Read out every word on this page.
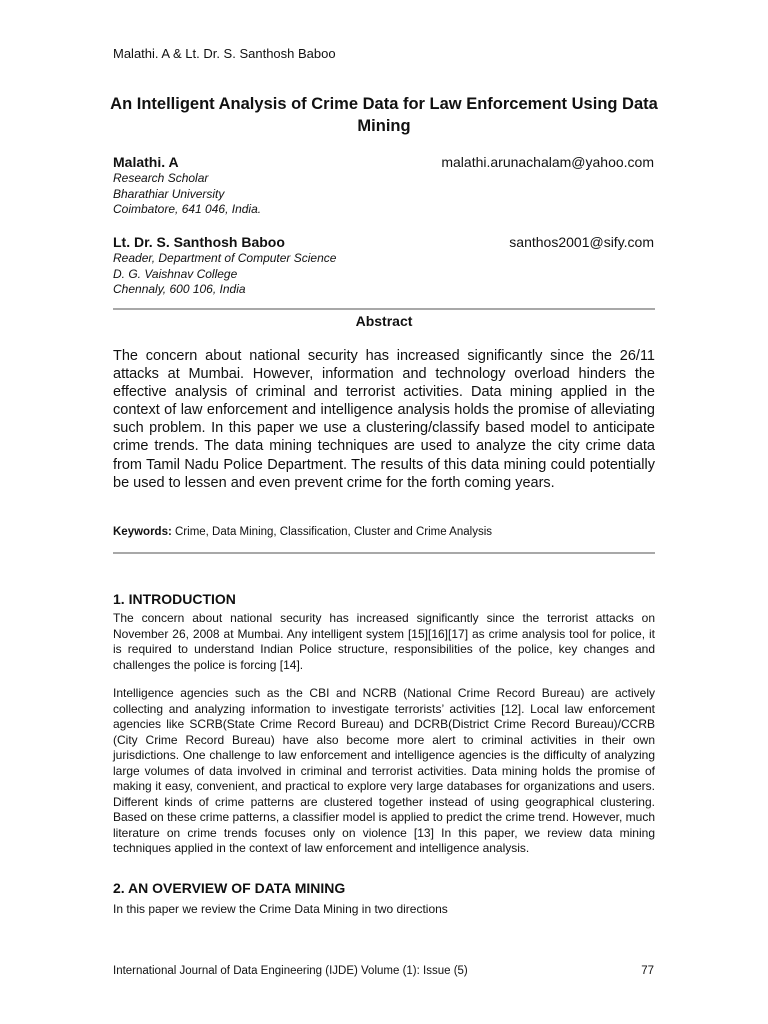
Malathi. A & Lt. Dr. S. Santhosh Baboo
An Intelligent Analysis of Crime Data for Law Enforcement Using Data Mining
Malathi. A	malathi.arunachalam@yahoo.com
Research Scholar
Bharathiar University
Coimbatore, 641 046, India.
Lt. Dr. S. Santhosh Baboo	santhos2001@sify.com
Reader, Department of Computer Science
D. G. Vaishnav College
Chennaly, 600 106, India
Abstract
The concern about national security has increased significantly since the 26/11 attacks at Mumbai. However, information and technology overload hinders the effective analysis of criminal and terrorist activities. Data mining applied in the context of law enforcement and intelligence analysis holds the promise of alleviating such problem. In this paper we use a clustering/classify based model to anticipate crime trends. The data mining techniques are used to analyze the city crime data from Tamil Nadu Police Department. The results of this data mining could potentially be used to lessen and even prevent crime for the forth coming years.
Keywords: Crime, Data Mining, Classification, Cluster and Crime Analysis
1. INTRODUCTION
The concern about national security has increased significantly since the terrorist attacks on November 26, 2008 at Mumbai. Any intelligent system [15][16][17] as crime analysis tool for police, it is required to understand Indian Police structure, responsibilities of the police, key changes and challenges the police is forcing [14].
Intelligence agencies such as the CBI and NCRB (National Crime Record Bureau) are actively collecting and analyzing information to investigate terrorists’ activities [12]. Local law enforcement agencies like SCRB(State Crime Record Bureau) and DCRB(District Crime Record Bureau)/CCRB (City Crime Record Bureau) have also become more alert to criminal activities in their own jurisdictions. One challenge to law enforcement and intelligence agencies is the difficulty of analyzing large volumes of data involved in criminal and terrorist activities. Data mining holds the promise of making it easy, convenient, and practical to explore very large databases for organizations and users. Different kinds of crime patterns are clustered together instead of using geographical clustering. Based on these crime patterns, a classifier model is applied to predict the crime trend. However, much literature on crime trends focuses only on violence [13] In this paper, we review data mining techniques applied in the context of law enforcement and intelligence analysis.
2. AN OVERVIEW OF DATA MINING
In this paper we review the Crime Data Mining in two directions
International Journal of Data Engineering (IJDE) Volume (1): Issue (5)	77
